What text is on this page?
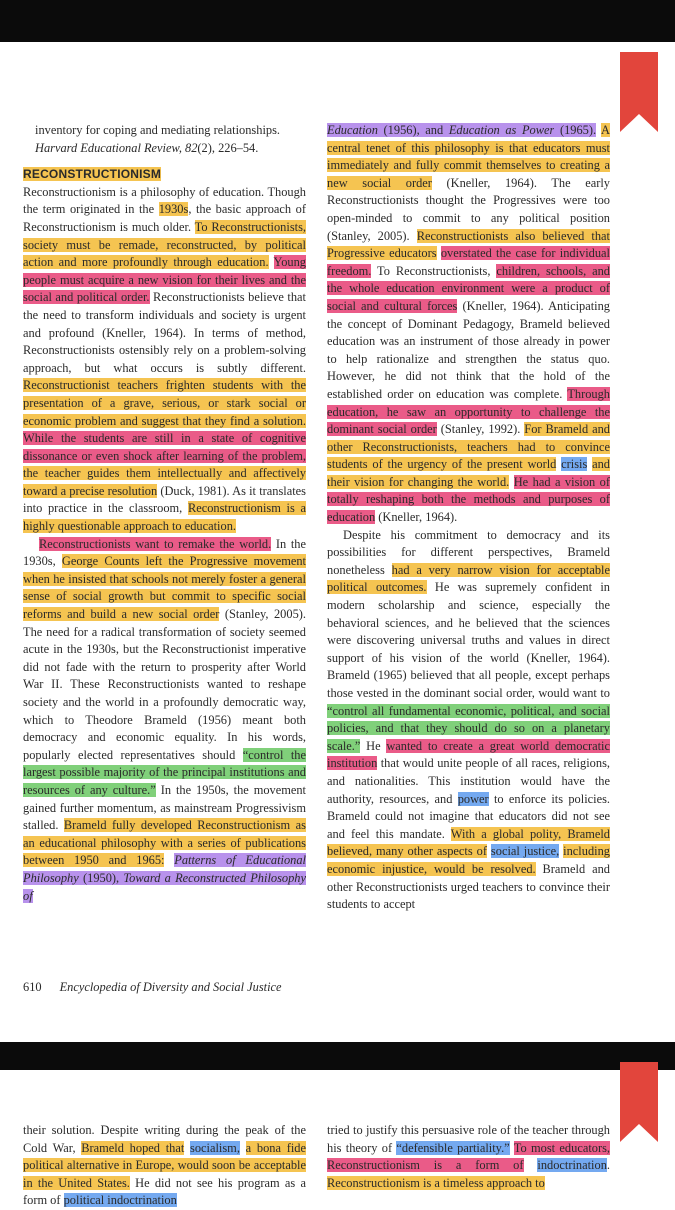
inventory for coping and mediating relationships.
Harvard Educational Review, 82(2), 226–54.

RECONSTRUCTIONISM

Reconstructionism is a philosophy of education. Though the term originated in the 1930s, the basic approach of Reconstructionism is much older. To Reconstructionists, society must be remade, reconstructed, by political action and more profoundly through education. Young people must acquire a new vision for their lives and the social and political order. Reconstructionists believe that the need to transform individuals and society is urgent and profound (Kneller, 1964). In terms of method, Reconstructionists ostensibly rely on a problem-solving approach, but what occurs is subtly different. Reconstructionist teachers frighten students with the presentation of a grave, serious, or stark social or economic problem and suggest that they find a solution. While the students are still in a state of cognitive dissonance or even shock after learning of the problem, the teacher guides them intellectually and affectively toward a precise resolution (Duck, 1981). As it translates into practice in the classroom, Reconstructionism is a highly questionable approach to education.

Reconstructionists want to remake the world. In the 1930s, George Counts left the Progressive movement when he insisted that schools not merely foster a general sense of social growth but commit to specific social reforms and build a new social order (Stanley, 2005). The need for a radical transformation of society seemed acute in the 1930s, but the Reconstructionist imperative did not fade with the return to prosperity after World War II. These Reconstructionists wanted to reshape society and the world in a profoundly democratic way, which to Theodore Brameld (1956) meant both democracy and economic equality. In his words, popularly elected representatives should “control the largest possible majority of the principal institutions and resources of any culture.” In the 1950s, the movement gained further momentum, as mainstream Progressivism stalled. Brameld fully developed Reconstructionism as an educational philosophy with a series of publications between 1950 and 1965: Patterns of Educational Philosophy (1950), Toward a Reconstructed Philosophy of

Education (1956), and Education as Power (1965). A central tenet of this philosophy is that educators must immediately and fully commit themselves to creating a new social order (Kneller, 1964). The early Reconstructionists thought the Progressives were too open-minded to commit to any political position (Stanley, 2005). Reconstructionists also believed that Progressive educators overstated the case for individual freedom. To Reconstructionists, children, schools, and the whole education environment were a product of social and cultural forces (Kneller, 1964). Anticipating the concept of Dominant Pedagogy, Brameld believed education was an instrument of those already in power to help rationalize and strengthen the status quo. However, he did not think that the hold of the established order on education was complete. Through education, he saw an opportunity to challenge the dominant social order (Stanley, 1992). For Brameld and other Reconstructionists, teachers had to convince students of the urgency of the present world crisis and their vision for changing the world. He had a vision of totally reshaping both the methods and purposes of education (Kneller, 1964).

Despite his commitment to democracy and its possibilities for different perspectives, Brameld nonetheless had a very narrow vision for acceptable political outcomes. He was supremely confident in modern scholarship and science, especially the behavioral sciences, and he believed that the sciences were discovering universal truths and values in direct support of his vision of the world (Kneller, 1964). Brameld (1965) believed that all people, except perhaps those vested in the dominant social order, would want to “control all fundamental economic, political, and social policies, and that they should do so on a planetary scale.” He wanted to create a great world democratic institution that would unite people of all races, religions, and nationalities. This institution would have the authority, resources, and power to enforce its policies. Brameld could not imagine that educators did not see and feel this mandate. With a global polity, Brameld believed, many other aspects of social justice, including economic injustice, would be resolved. Brameld and other Reconstructionists urged teachers to convince their students to accept

610 Encyclopedia of Diversity and Social Justice

their solution. Despite writing during the peak of the Cold War, Brameld hoped that socialism, a bona fide political alternative in Europe, would soon be acceptable in the United States. He did not see his program as a form of political indoctrination

tried to justify this persuasive role of the teacher through his theory of “defensible partiality.” To most educators, Reconstructionism is a form of indoctrination. Reconstructionism is a timeless approach to
